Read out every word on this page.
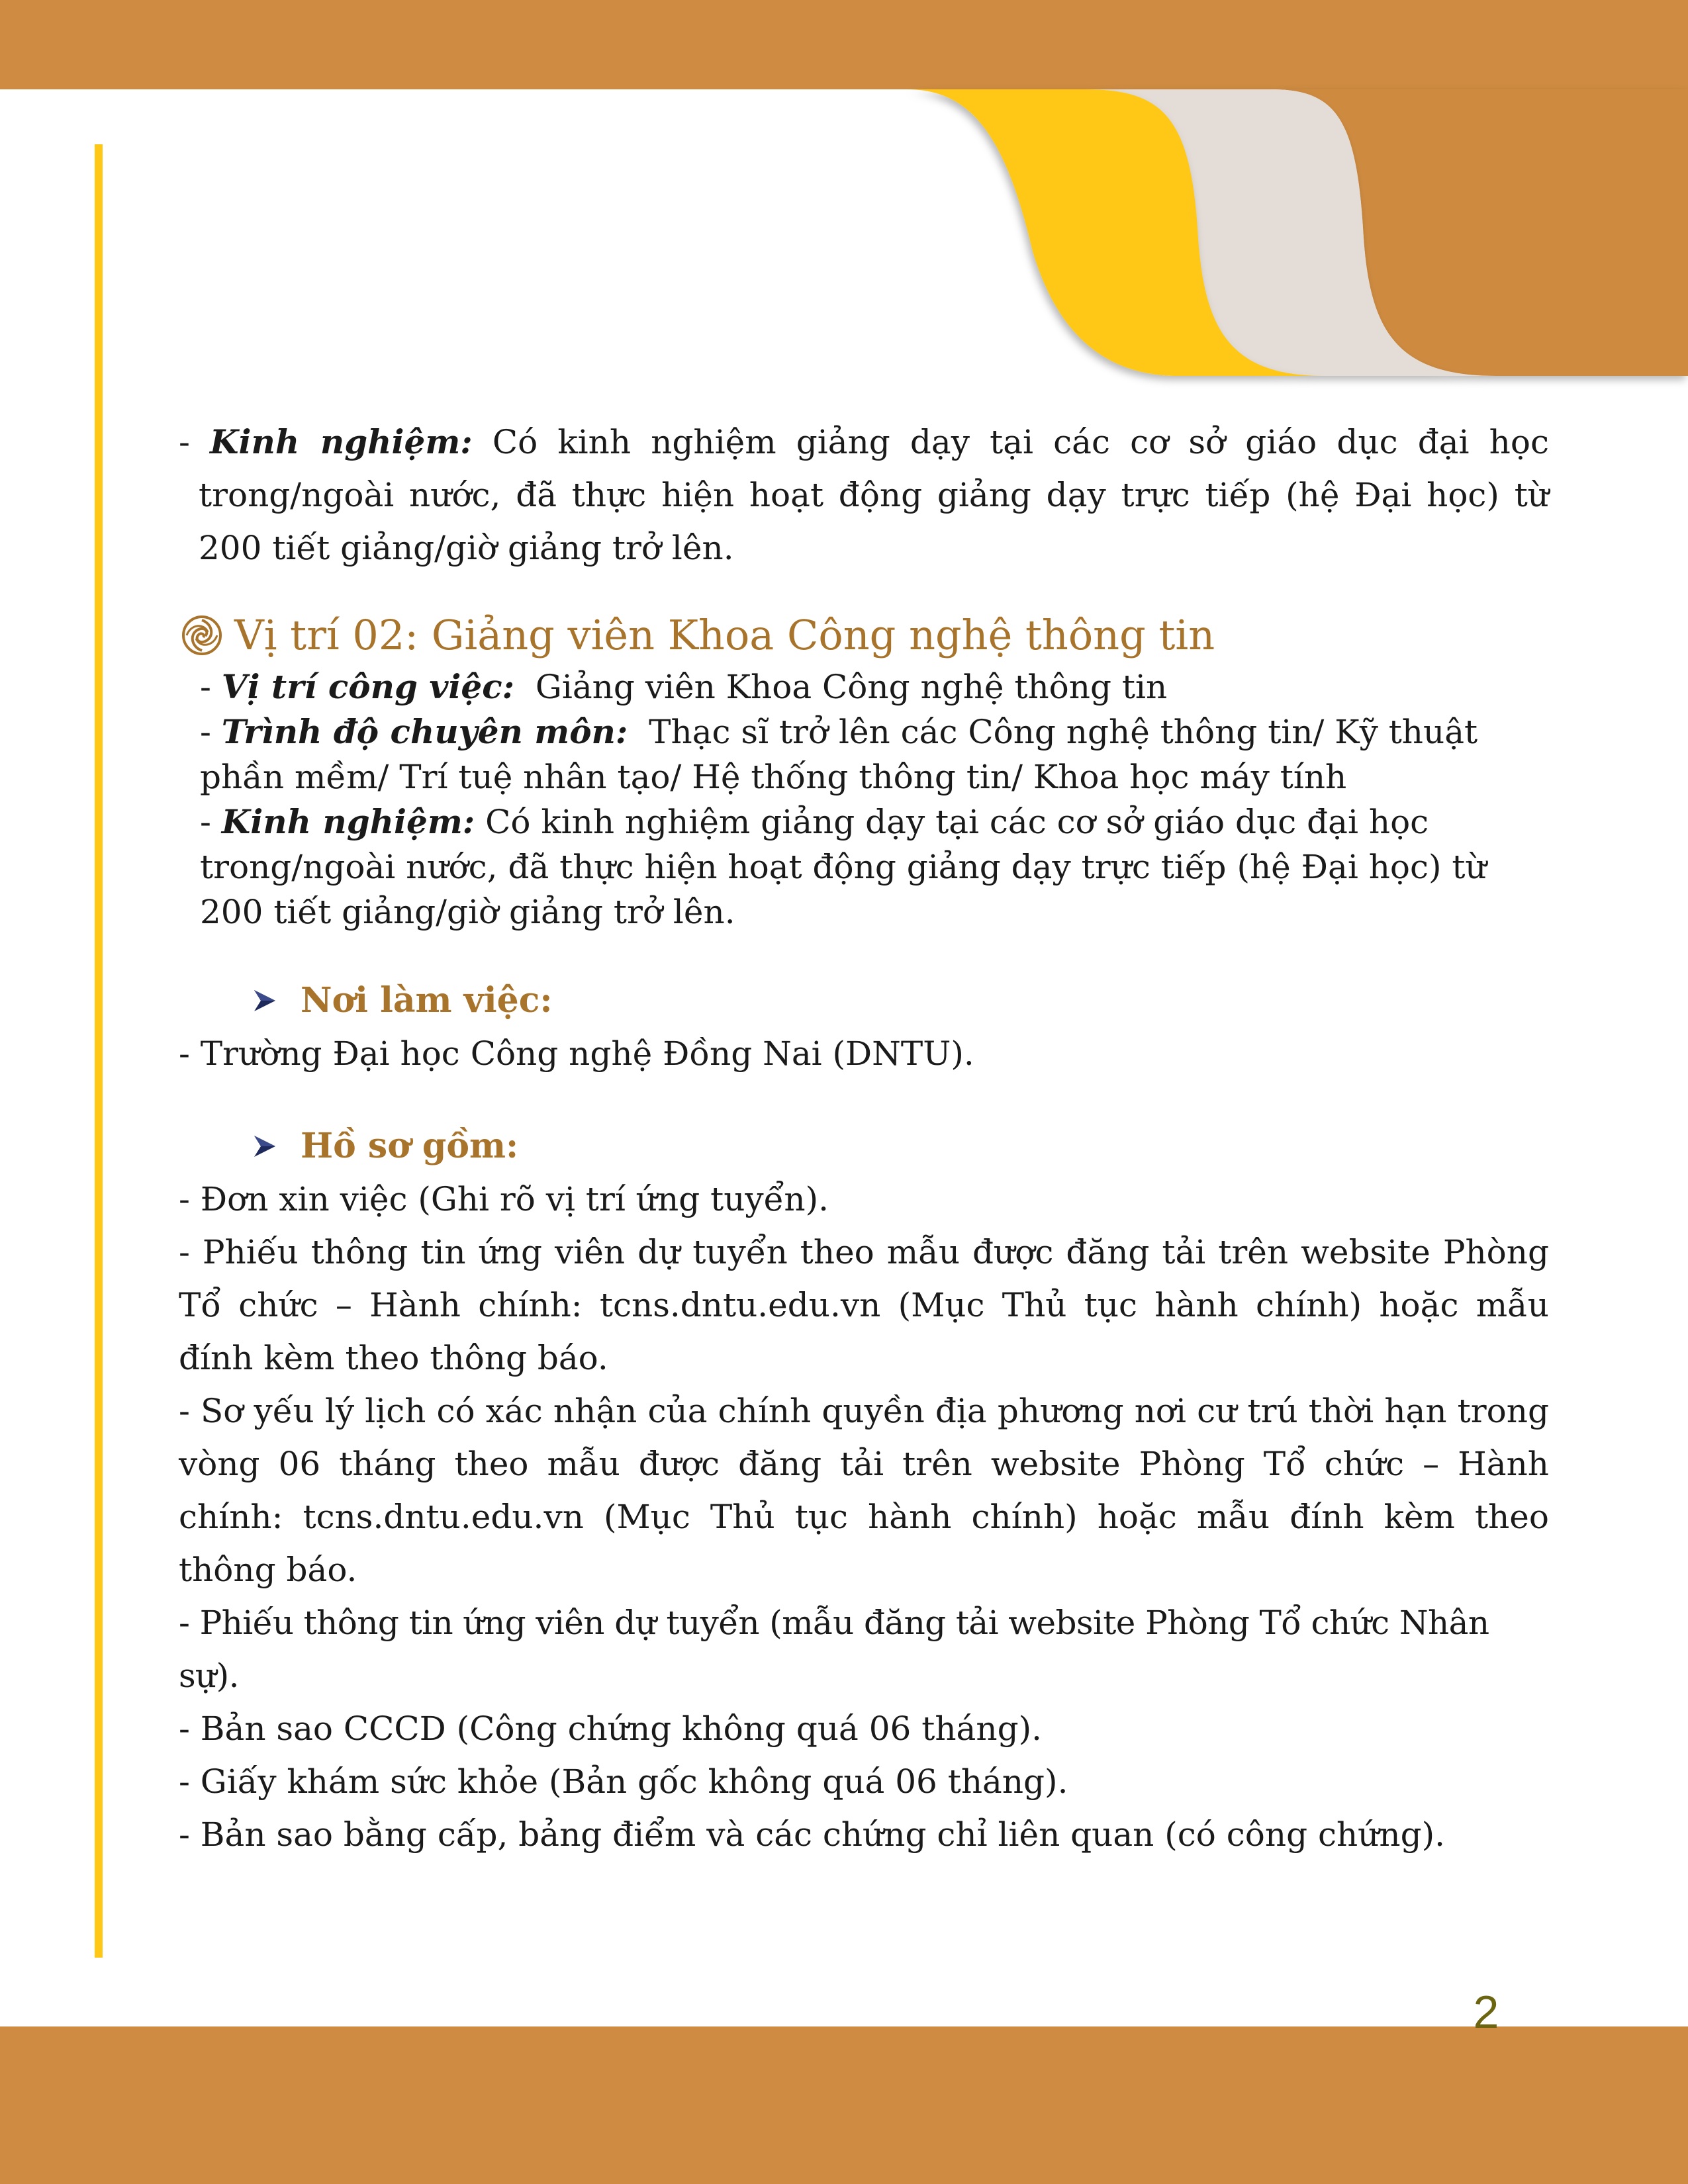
- Kinh nghiệm: Có kinh nghiệm giảng dạy tại các cơ sở giáo dục đại học trong/ngoài nước, đã thực hiện hoạt động giảng dạy trực tiếp (hệ Đại học) từ 200 tiết giảng/giờ giảng trở lên.

Vị trí 02: Giảng viên Khoa Công nghệ thông tin

- Vị trí công việc:  Giảng viên Khoa Công nghệ thông tin

- Trình độ chuyên môn:  Thạc sĩ trở lên các Công nghệ thông tin/ Kỹ thuật

phần mềm/ Trí tuệ nhân tạo/ Hệ thống thông tin/ Khoa học máy tính

- Kinh nghiệm: Có kinh nghiệm giảng dạy tại các cơ sở giáo dục đại học

trong/ngoài nước, đã thực hiện hoạt động giảng dạy trực tiếp (hệ Đại học) từ

200 tiết giảng/giờ giảng trở lên.

Nơi làm việc:

- Trường Đại học Công nghệ Đồng Nai (DNTU).

Hồ sơ gồm:

- Đơn xin việc (Ghi rõ vị trí ứng tuyển).

- Phiếu thông tin ứng viên dự tuyển theo mẫu được đăng tải trên website Phòng Tổ chức – Hành chính: tcns.dntu.edu.vn (Mục Thủ tục hành chính) hoặc mẫu đính kèm theo thông báo.

- Sơ yếu lý lịch có xác nhận của chính quyền địa phương nơi cư trú thời hạn trong vòng 06 tháng theo mẫu được đăng tải trên website Phòng Tổ chức – Hành chính: tcns.dntu.edu.vn (Mục Thủ tục hành chính) hoặc mẫu đính kèm theo thông báo.

- Phiếu thông tin ứng viên dự tuyển (mẫu đăng tải website Phòng Tổ chức Nhân sự).

- Bản sao CCCD (Công chứng không quá 06 tháng).

- Giấy khám sức khỏe (Bản gốc không quá 06 tháng).

- Bản sao bằng cấp, bảng điểm và các chứng chỉ liên quan (có công chứng).

2
